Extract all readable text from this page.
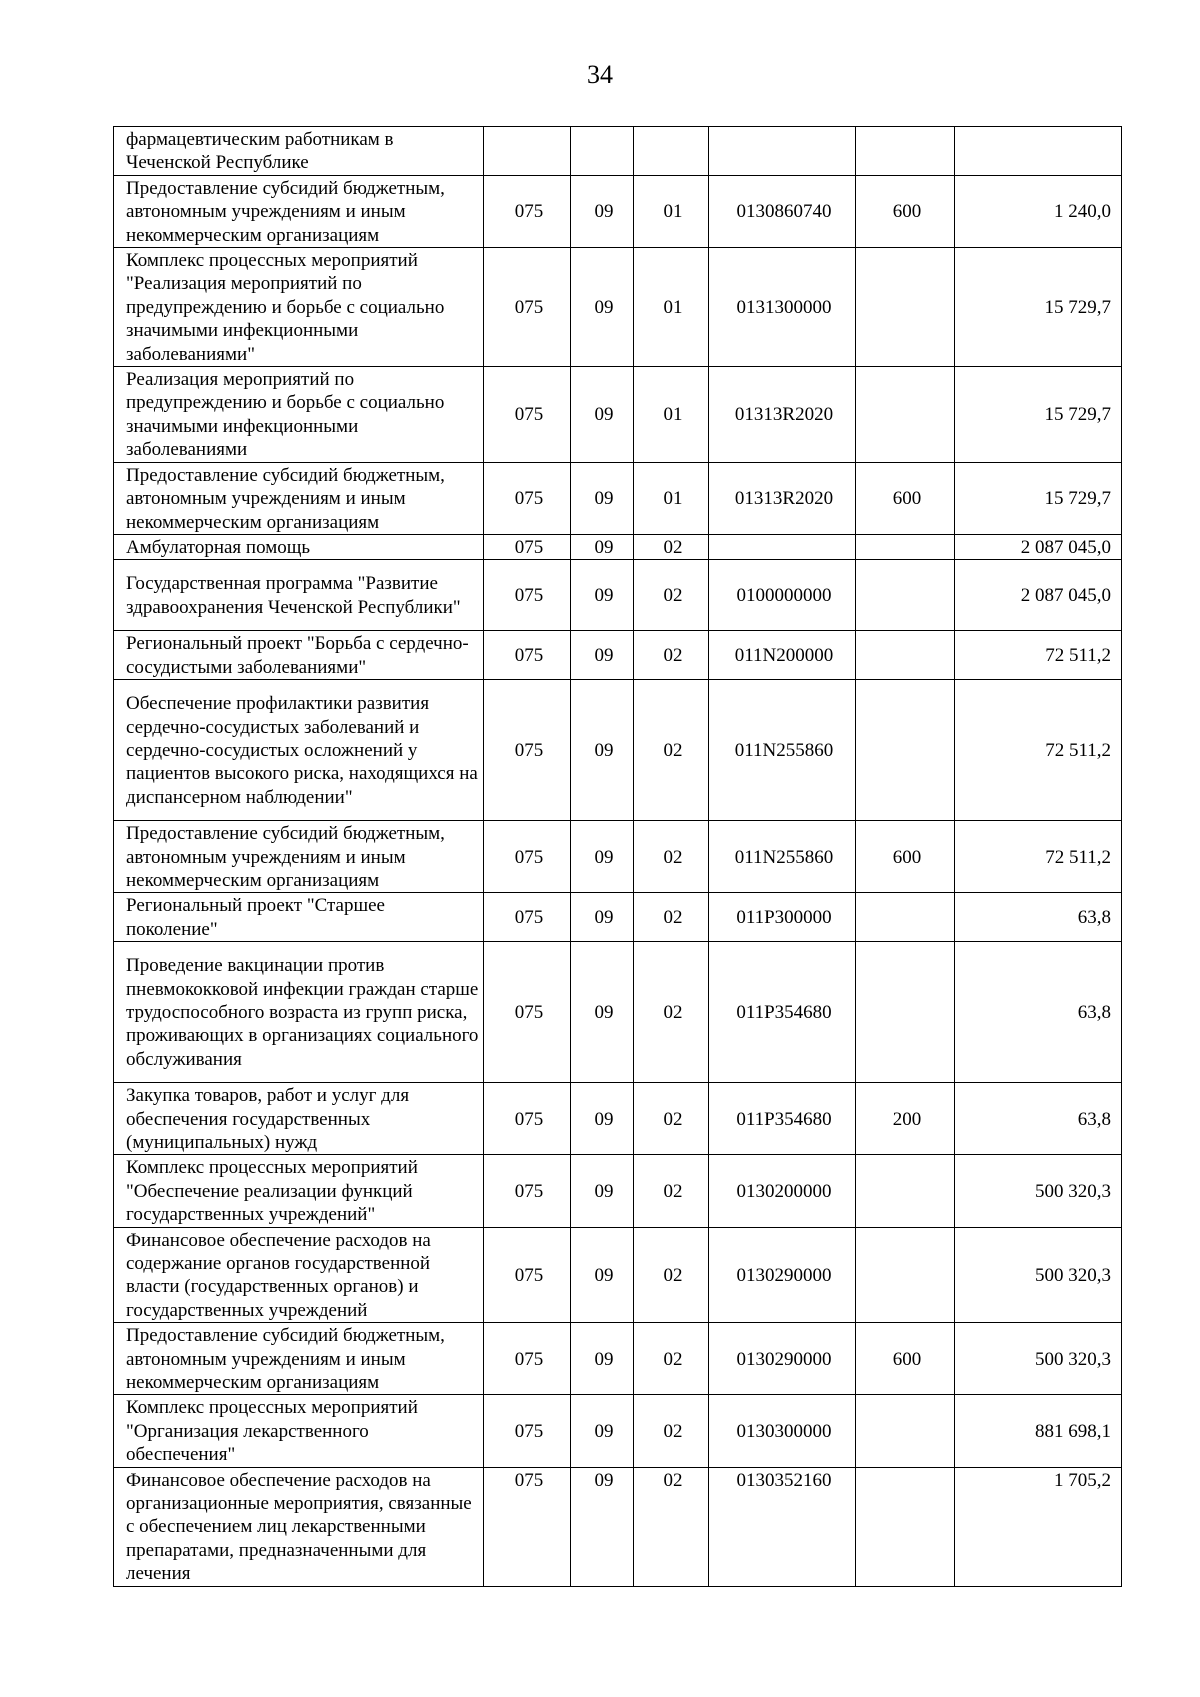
34
фармацевтическим работникам в Чеченской Республике						
Предоставление субсидий бюджетным, автономным учреждениям и иным некоммерческим организациям	075	09	01	0130860740	600	1 240,0
Комплекс процессных мероприятий "Реализация мероприятий по предупреждению и борьбе с социально значимыми инфекционными заболеваниями"	075	09	01	0131300000		15 729,7
Реализация мероприятий по предупреждению и борьбе с социально значимыми инфекционными заболеваниями	075	09	01	01313R2020		15 729,7
Предоставление субсидий бюджетным, автономным учреждениям и иным некоммерческим организациям	075	09	01	01313R2020	600	15 729,7
Амбулаторная помощь	075	09	02			2 087 045,0
Государственная программа "Развитие здравоохранения Чеченской Республики"	075	09	02	0100000000		2 087 045,0
Региональный проект "Борьба с сердечно-сосудистыми заболеваниями"	075	09	02	011N200000		72 511,2
Обеспечение профилактики развития сердечно-сосудистых заболеваний и сердечно-сосудистых осложнений у пациентов высокого риска, находящихся на диспансерном наблюдении"	075	09	02	011N255860		72 511,2
Предоставление субсидий бюджетным, автономным учреждениям и иным некоммерческим организациям	075	09	02	011N255860	600	72 511,2
Региональный проект "Старшее поколение"	075	09	02	011P300000		63,8
Проведение вакцинации против пневмококковой инфекции граждан старше трудоспособного возраста из групп риска, проживающих в организациях социального обслуживания	075	09	02	011P354680		63,8
Закупка товаров, работ и услуг для обеспечения государственных (муниципальных) нужд	075	09	02	011P354680	200	63,8
Комплекс процессных мероприятий "Обеспечение реализации функций государственных учреждений"	075	09	02	0130200000		500 320,3
Финансовое обеспечение расходов на содержание органов государственной власти (государственных органов) и государственных учреждений	075	09	02	0130290000		500 320,3
Предоставление субсидий бюджетным, автономным учреждениям и иным некоммерческим организациям	075	09	02	0130290000	600	500 320,3
Комплекс процессных мероприятий "Организация лекарственного обеспечения"	075	09	02	0130300000		881 698,1
Финансовое обеспечение расходов на организационные мероприятия, связанные с обеспечением лиц лекарственными препаратами, предназначенными для лечения	075	09	02	0130352160		1 705,2
